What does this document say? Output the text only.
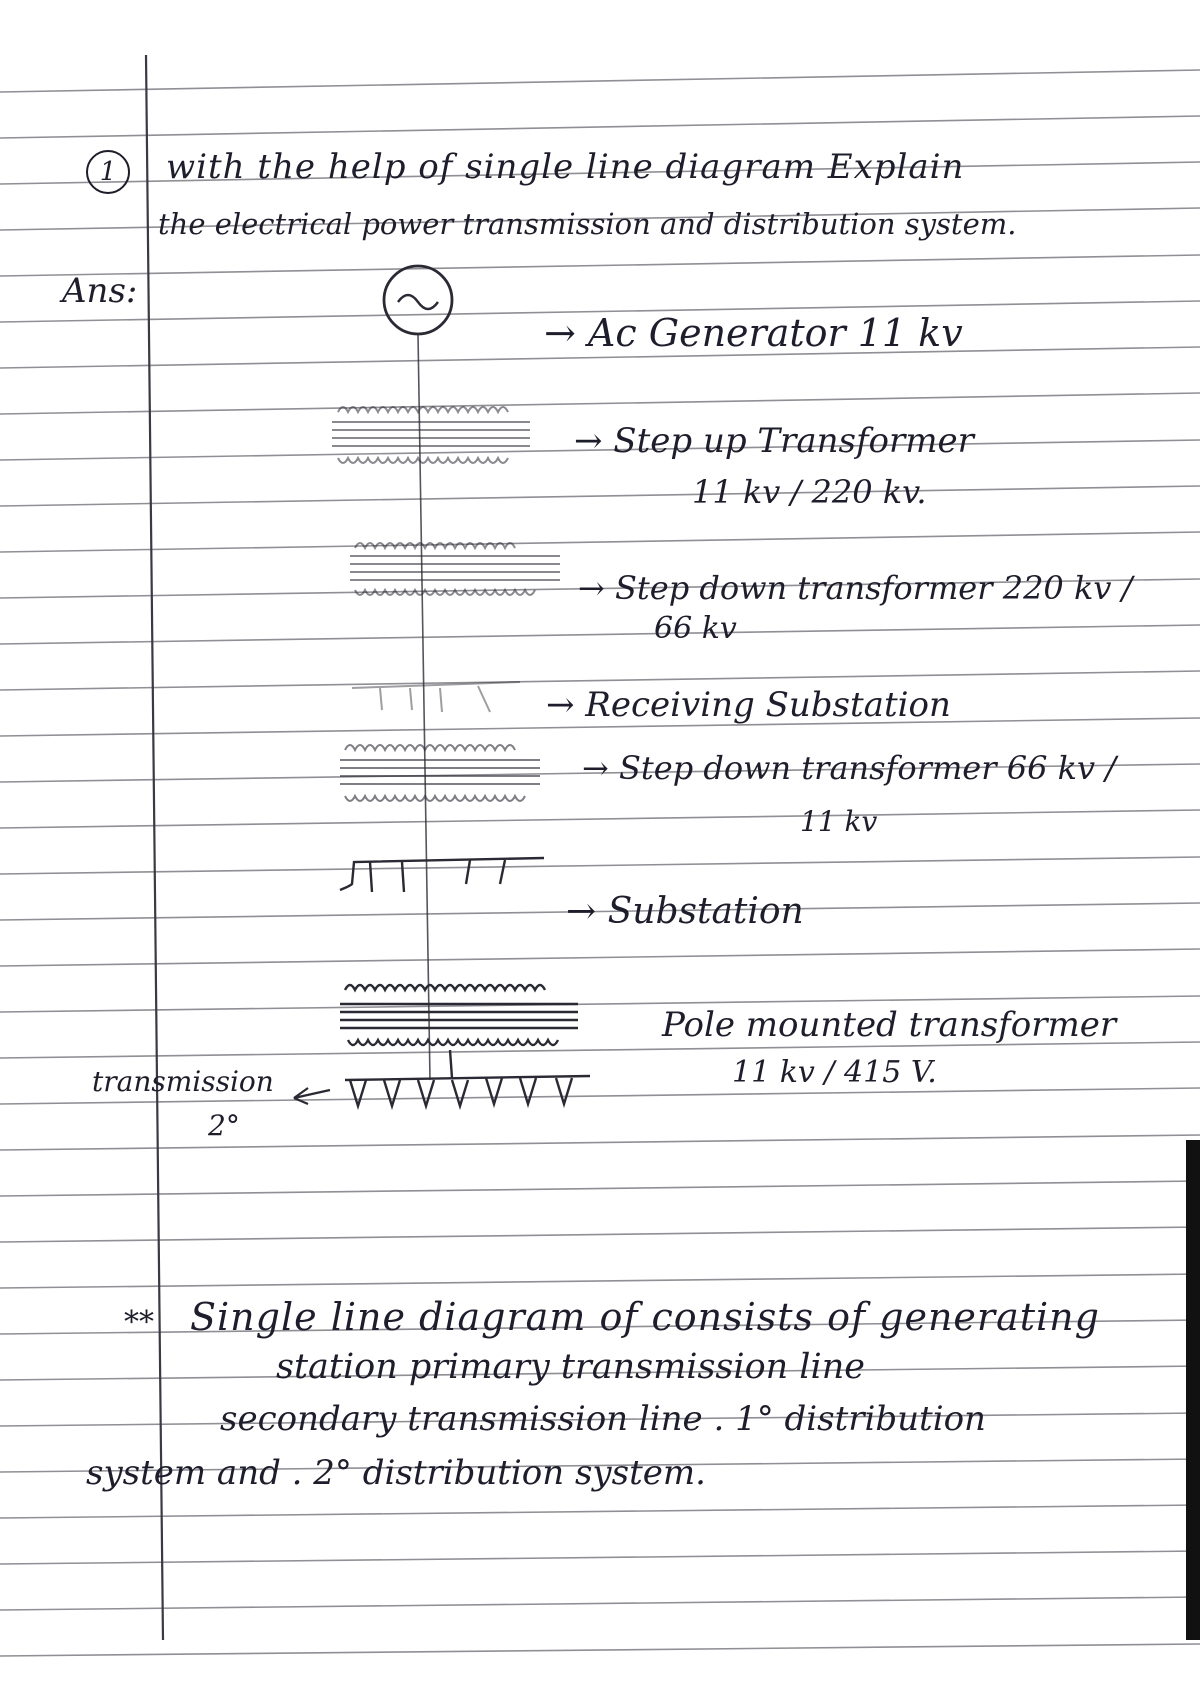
1	with the help of single line diagram Explain
the electrical power transmission and distribution system.
Ans:
→ Ac Generator 11 kv
→ Step up Transformer
11 kv / 220 kv.
→ Step down transformer 220 kv /
66 kv
→ Receiving Substation
→ Step down transformer 66 kv /
11 kv
→ Substation
Pole mounted transformer
11 kv / 415 V.
transmission
2°
** Single line diagram of consists of generating
station primary transmission line
secondary transmission line . 1° distribution
system and . 2° distribution system.
